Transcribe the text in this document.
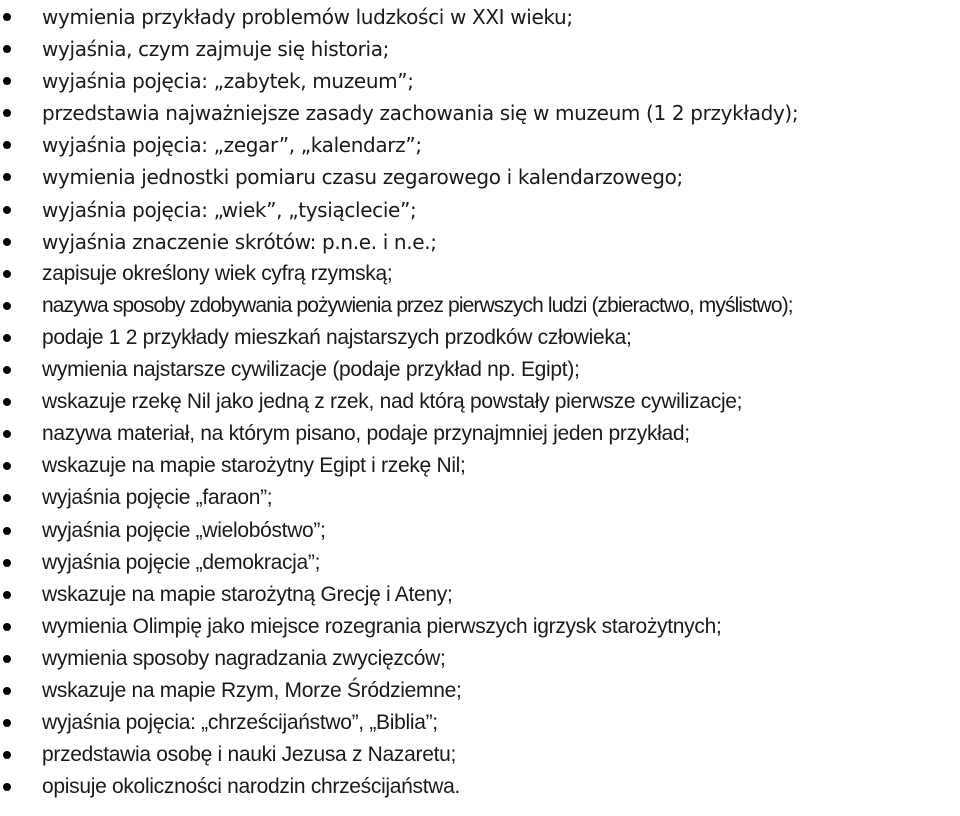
wymienia przykłady problemów ludzkości w XXI wieku;
wyjaśnia, czym zajmuje się historia;
wyjaśnia pojęcia: „zabytek, muzeum”;
przedstawia najważniejsze zasady zachowania się w muzeum (1 2 przykłady);
wyjaśnia pojęcia: „zegar”, „kalendarz”;
wymienia jednostki pomiaru czasu zegarowego i kalendarzowego;
wyjaśnia pojęcia: „wiek”, „tysiąclecie”;
wyjaśnia znaczenie skrótów: p.n.e. i n.e.;
zapisuje określony wiek cyfrą rzymską;
nazywa sposoby zdobywania pożywienia przez pierwszych ludzi (zbieractwo, myślistwo);
podaje 1 2 przykłady mieszkań najstarszych przodków człowieka;
wymienia najstarsze cywilizacje (podaje przykład np. Egipt);
wskazuje rzekę Nil jako jedną z rzek, nad którą powstały pierwsze cywilizacje;
nazywa materiał, na którym pisano, podaje przynajmniej jeden przykład;
wskazuje na mapie starożytny Egipt i rzekę Nil;
wyjaśnia pojęcie „faraon”;
wyjaśnia pojęcie „wielobóstwo”;
wyjaśnia pojęcie „demokracja”;
wskazuje na mapie starożytną Grecję i Ateny;
wymienia Olimpię jako miejsce rozegrania pierwszych igrzysk starożytnych;
wymienia sposoby nagradzania zwycięzców;
wskazuje na mapie Rzym, Morze Śródziemne;
wyjaśnia pojęcia: „chrześcijaństwo”, „Biblia”;
przedstawia osobę i nauki Jezusa z Nazaretu;
opisuje okoliczności narodzin chrześcijaństwa.
